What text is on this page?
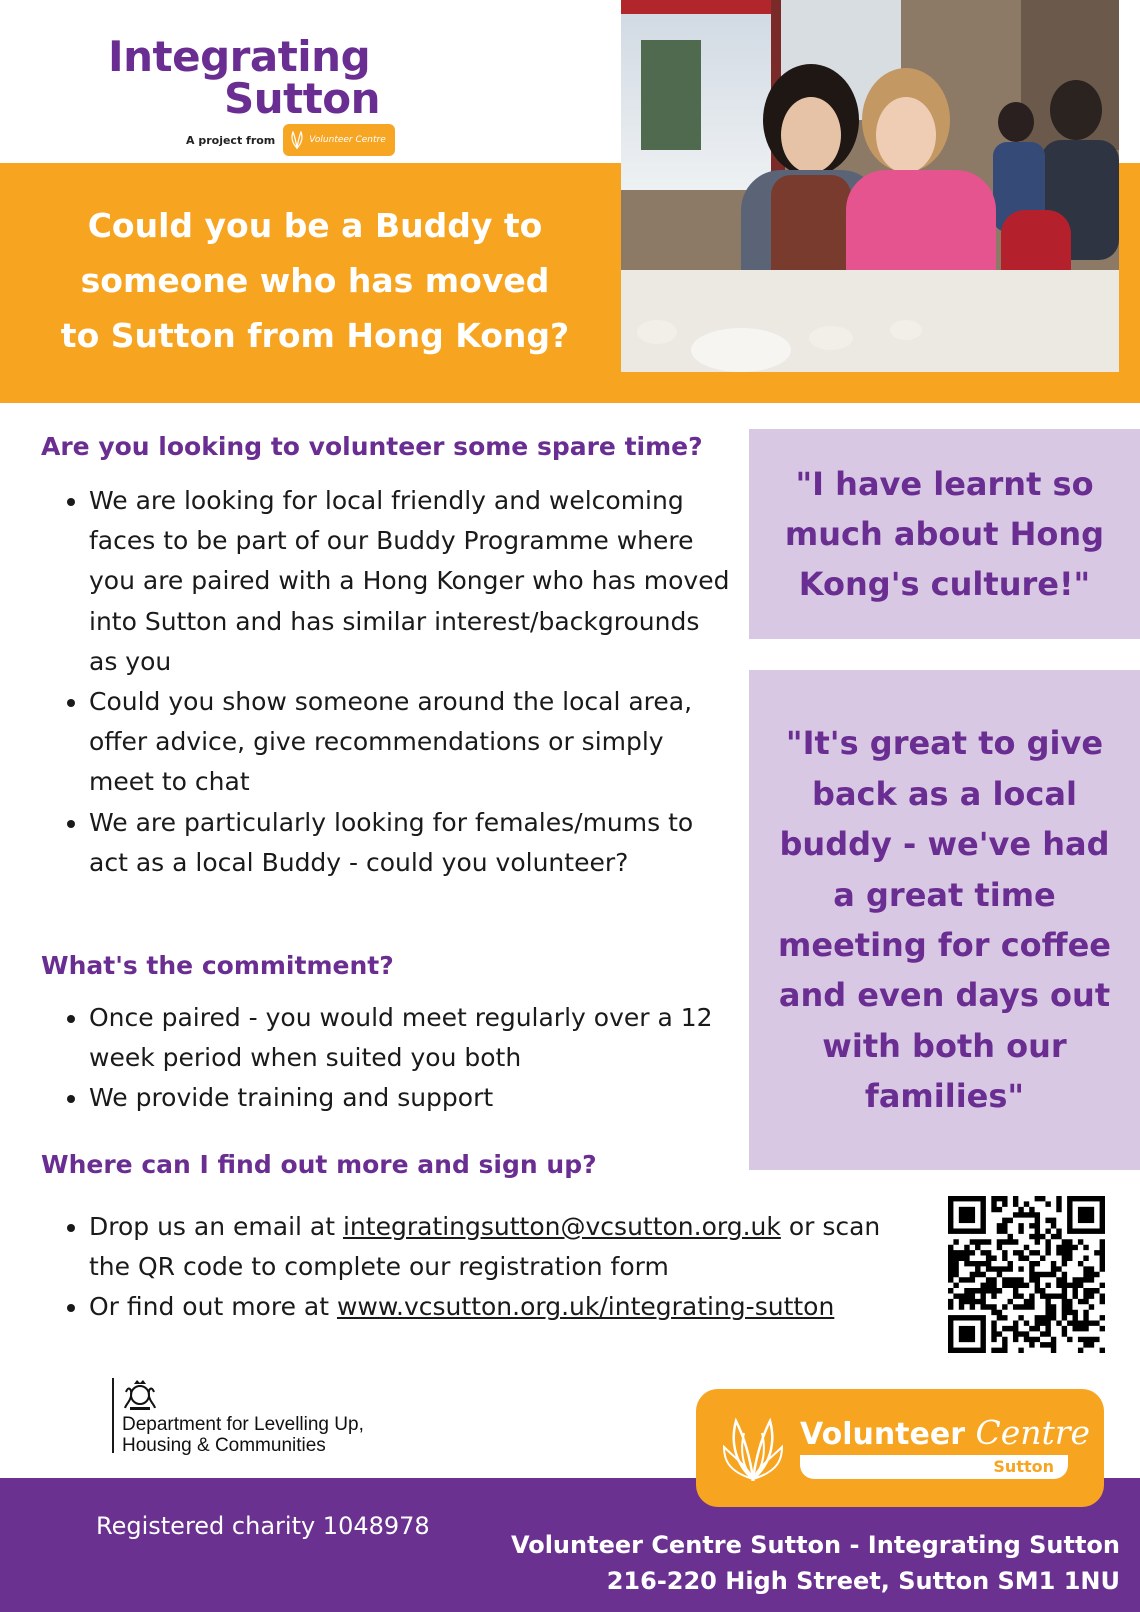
Integrating
Sutton
A project from	Volunteer Centre
Could you be a Buddy to
someone who has moved
to Sutton from Hong Kong?
Are you looking to volunteer some spare time?
• We are looking for local friendly and welcoming faces to be part of our Buddy Programme where you are paired with a Hong Konger who has moved into Sutton and has similar interest/backgrounds as you
• Could you show someone around the local area, offer advice, give recommendations or simply meet to chat
• We are particularly looking for females/mums to act as a local Buddy - could you volunteer?
What's the commitment?
• Once paired - you would meet regularly over a 12 week period when suited you both
• We provide training and support
Where can I find out more and sign up?
• Drop us an email at integratingsutton@vcsutton.org.uk or scan the QR code to complete our registration form
• Or find out more at www.vcsutton.org.uk/integrating-sutton
"I have learnt so much about Hong Kong's culture!"
"It's great to give back as a local buddy - we've had a great time meeting for coffee and even days out with both our families"
Department for Levelling Up,
Housing & Communities	Volunteer Centre
Sutton
Registered charity 1048978
Volunteer Centre Sutton - Integrating Sutton
216-220 High Street, Sutton SM1 1NU
